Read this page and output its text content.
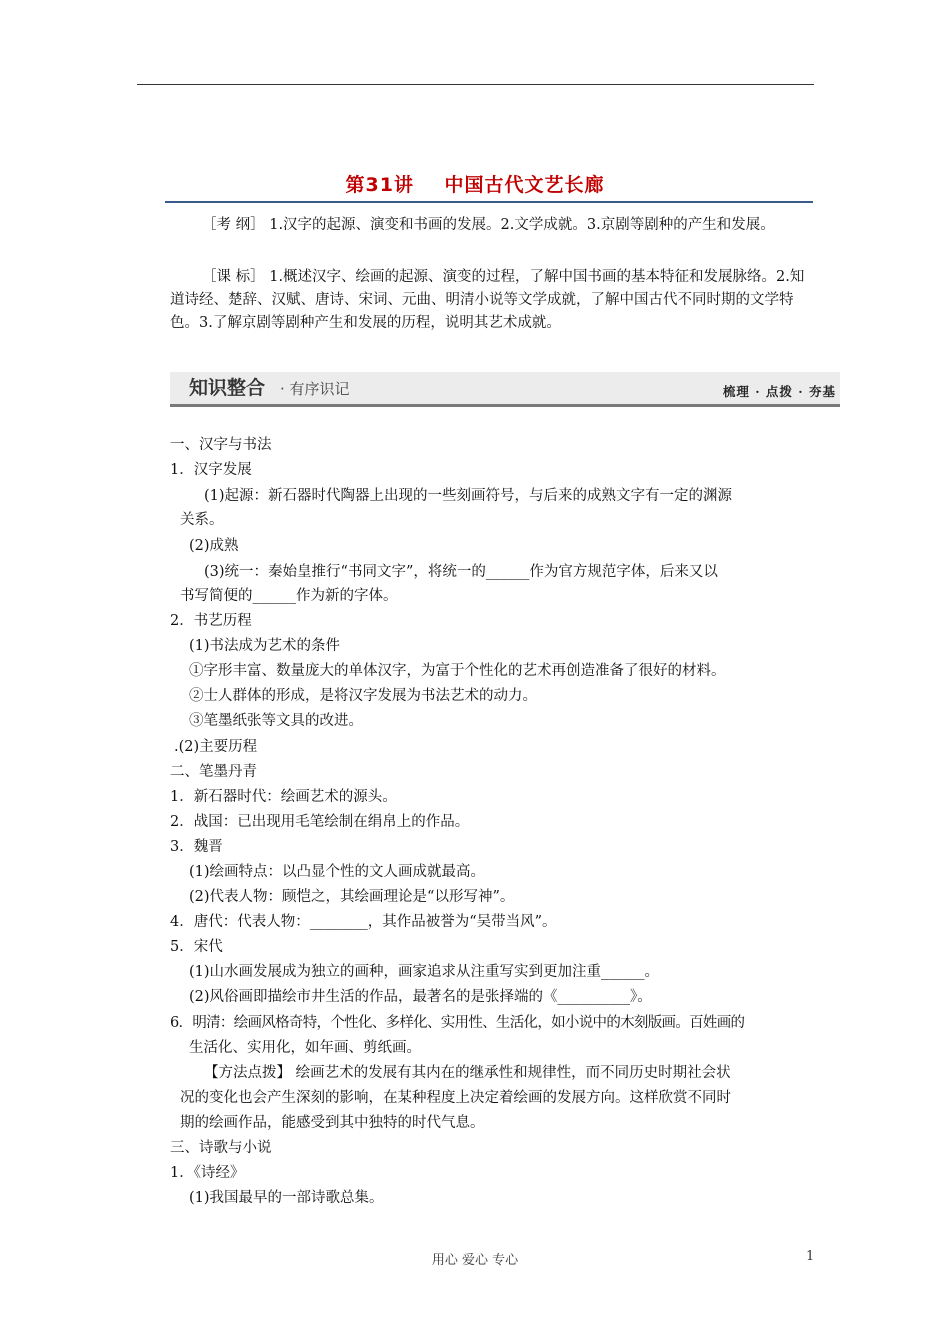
第31讲    中国古代文艺长廊
［考 纲］ 1.汉字的起源、演变和书画的发展。2.文学成就。3.京剧等剧种的产生和发展。
［课 标］ 1.概述汉字、绘画的起源、演变的过程，了解中国书画的基本特征和发展脉络。2.知道诗经、楚辞、汉赋、唐诗、宋词、元曲、明清小说等文学成就，了解中国古代不同时期的文学特色。3.了解京剧等剧种产生和发展的历程，说明其艺术成就。
知识整合 · 有序识记	梳理 · 点拨 · 夯基
一、汉字与书法
1．汉字发展
(1)起源：新石器时代陶器上出现的一些刻画符号，与后来的成熟文字有一定的渊源
关系。
(2)成熟
(3)统一：秦始皇推行“书同文字”，将统一的______作为官方规范字体，后来又以
书写简便的______作为新的字体。
2．书艺历程
(1)书法成为艺术的条件
①字形丰富、数量庞大的单体汉字，为富于个性化的艺术再创造准备了很好的材料。
②士人群体的形成，是将汉字发展为书法艺术的动力。
③笔墨纸张等文具的改进。
.(2)主要历程
二、笔墨丹青
1．新石器时代：绘画艺术的源头。
2．战国：已出现用毛笔绘制在绢帛上的作品。
3．魏晋
(1)绘画特点：以凸显个性的文人画成就最高。
(2)代表人物：顾恺之，其绘画理论是“以形写神”。
4．唐代：代表人物：________，其作品被誉为“吴带当风”。
5．宋代
(1)山水画发展成为独立的画种，画家追求从注重写实到更加注重______。
(2)风俗画即描绘市井生活的作品，最著名的是张择端的《__________》。
6．明清：绘画风格奇特，个性化、多样化、实用性、生活化，如小说中的木刻版画。百姓画的
生活化、实用化，如年画、剪纸画。
【方法点拨】 绘画艺术的发展有其内在的继承性和规律性，而不同历史时期社会状
况的变化也会产生深刻的影响，在某种程度上决定着绘画的发展方向。这样欣赏不同时
期的绘画作品，能感受到其中独特的时代气息。
三、诗歌与小说
1．《诗经》
(1)我国最早的一部诗歌总集。
用心 爱心 专心	1
